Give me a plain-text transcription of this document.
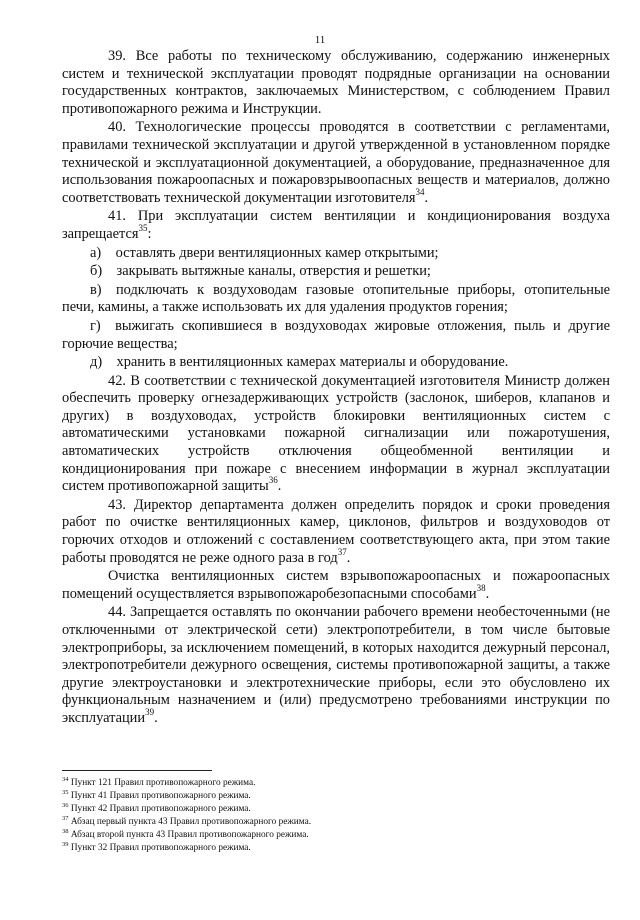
11

39. Все работы по техническому обслуживанию, содержанию инженерных систем и технической эксплуатации проводят подрядные организации на основании государственных контрактов, заключаемых Министерством, с соблюдением Правил противопожарного режима и Инструкции.

40. Технологические процессы проводятся в соответствии с регламентами, правилами технической эксплуатации и другой утвержденной в установленном порядке технической и эксплуатационной документацией, а оборудование, предназначенное для использования пожароопасных и пожаровзрывоопасных веществ и материалов, должно соответствовать технической документации изготовителя$^{34}$.

41. При эксплуатации систем вентиляции и кондиционирования воздуха запрещается$^{35}$:

а) оставлять двери вентиляционных камер открытыми;

б) закрывать вытяжные каналы, отверстия и решетки;

в) подключать к воздуховодам газовые отопительные приборы, отопительные печи, камины, а также использовать их для удаления продуктов горения;

г) выжигать скопившиеся в воздуховодах жировые отложения, пыль и другие горючие вещества;

д) хранить в вентиляционных камерах материалы и оборудование.

42. В соответствии с технической документацией изготовителя Министр должен обеспечить проверку огнезадерживающих устройств (заслонок, шиберов, клапанов и других) в воздуховодах, устройств блокировки вентиляционных систем с автоматическими установками пожарной сигнализации или пожаротушения, автоматических устройств отключения общеобменной вентиляции и кондиционирования при пожаре с внесением информации в журнал эксплуатации систем противопожарной защиты$^{36}$.

43. Директор департамента должен определить порядок и сроки проведения работ по очистке вентиляционных камер, циклонов, фильтров и воздуховодов от горючих отходов и отложений с составлением соответствующего акта, при этом такие работы проводятся не реже одного раза в год$^{37}$.

Очистка вентиляционных систем взрывопожароопасных и пожароопасных помещений осуществляется взрывопожаробезопасными способами$^{38}$.

44. Запрещается оставлять по окончании рабочего времени необесточенными (не отключенными от электрической сети) электропотребители, в том числе бытовые электроприборы, за исключением помещений, в которых находится дежурный персонал, электропотребители дежурного освещения, системы противопожарной защиты, а также другие электроустановки и электротехнические приборы, если это обусловлено их функциональным назначением и (или) предусмотрено требованиями инструкции по эксплуатации$^{39}$.

$^{34}$ Пункт 121 Правил противопожарного режима.

$^{35}$ Пункт 41 Правил противопожарного режима.

$^{36}$ Пункт 42 Правил противопожарного режима.

$^{37}$ Абзац первый пункта 43 Правил противопожарного режима.

$^{38}$ Абзац второй пункта 43 Правил противопожарного режима.

$^{39}$ Пункт 32 Правил противопожарного режима.
